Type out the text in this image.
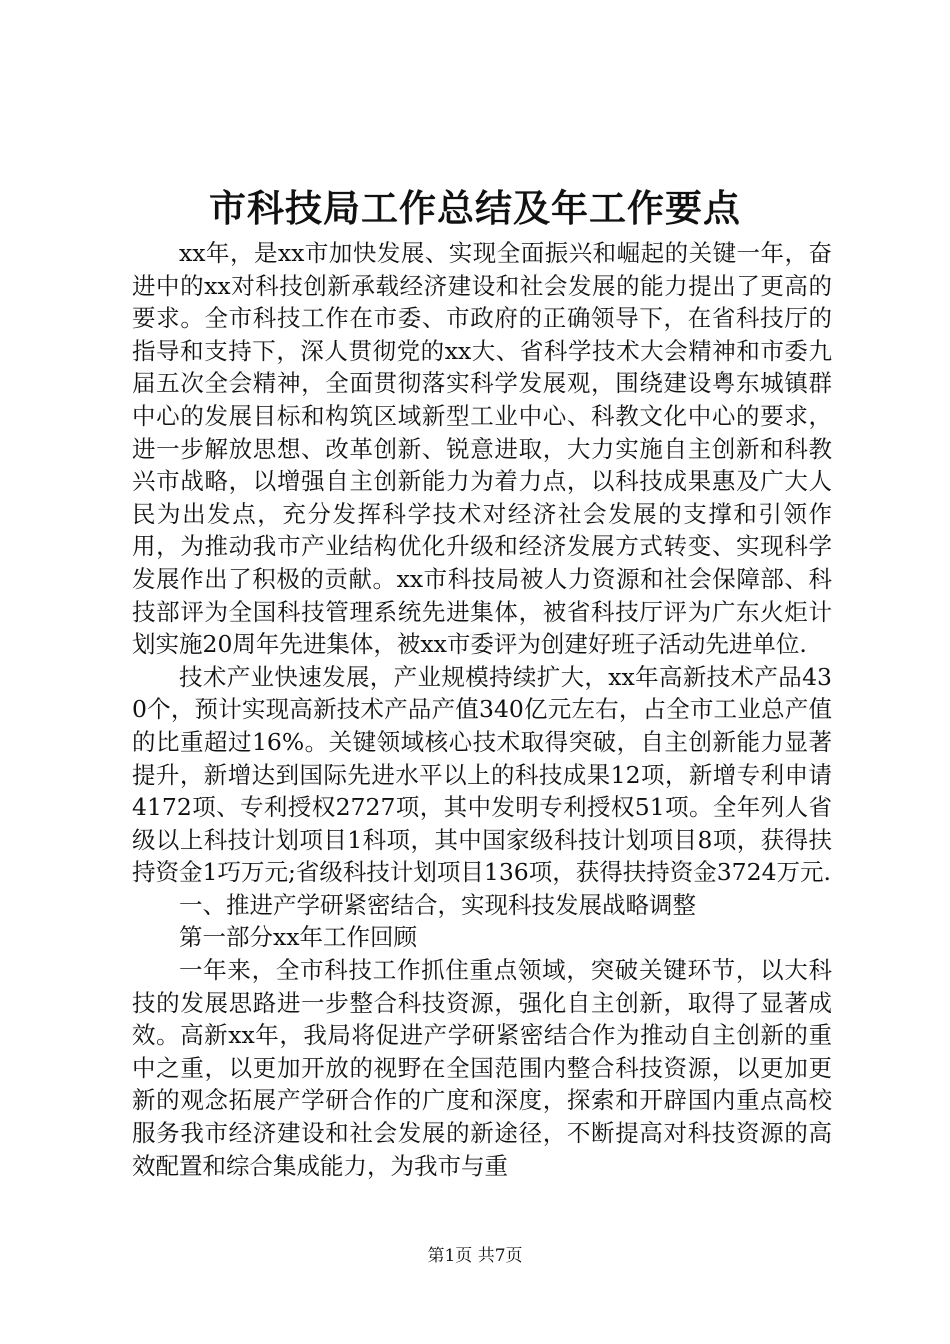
市科技局工作总结及年工作要点

xx年，是xx市加快发展、实现全面振兴和崛起的关键一年，奋进中的xx对科技创新承载经济建设和社会发展的能力提出了更高的要求。全市科技工作在市委、市政府的正确领导下，在省科技厅的指导和支持下，深人贯彻党的xx大、省科学技术大会精神和市委九届五次全会精神，全面贯彻落实科学发展观，围绕建设粤东城镇群中心的发展目标和构筑区域新型工业中心、科教文化中心的要求，进一步解放思想、改革创新、锐意进取，大力实施自主创新和科教兴市战略，以增强自主创新能力为着力点，以科技成果惠及广大人民为出发点，充分发挥科学技术对经济社会发展的支撑和引领作用，为推动我市产业结构优化升级和经济发展方式转变、实现科学发展作出了积极的贡献。xx市科技局被人力资源和社会保障部、科技部评为全国科技管理系统先进集体，被省科技厅评为广东火炬计划实施20周年先进集体，被xx市委评为创建好班子活动先进单位.

技术产业快速发展，产业规模持续扩大，xx年高新技术产品430个，预计实现高新技术产品产值340亿元左右，占全市工业总产值的比重超过16%。关键领域核心技术取得突破，自主创新能力显著提升，新增达到国际先进水平以上的科技成果12项，新增专利申请4172项、专利授权2727项，其中发明专利授权51项。全年列人省级以上科技计划项目1科项，其中国家级科技计划项目8项，获得扶持资金1巧万元;省级科技计划项目136项，获得扶持资金3724万元.

一、推进产学研紧密结合，实现科技发展战略调整

第一部分xx年工作回顾

一年来，全市科技工作抓住重点领域，突破关键环节，以大科技的发展思路进一步整合科技资源，强化自主创新，取得了显著成效。高新xx年，我局将促进产学研紧密结合作为推动自主创新的重中之重，以更加开放的视野在全国范围内整合科技资源，以更加更新的观念拓展产学研合作的广度和深度，探索和开辟国内重点高校服务我市经济建设和社会发展的新途径，不断提高对科技资源的高效配置和综合集成能力，为我市与重

第1页 共7页
